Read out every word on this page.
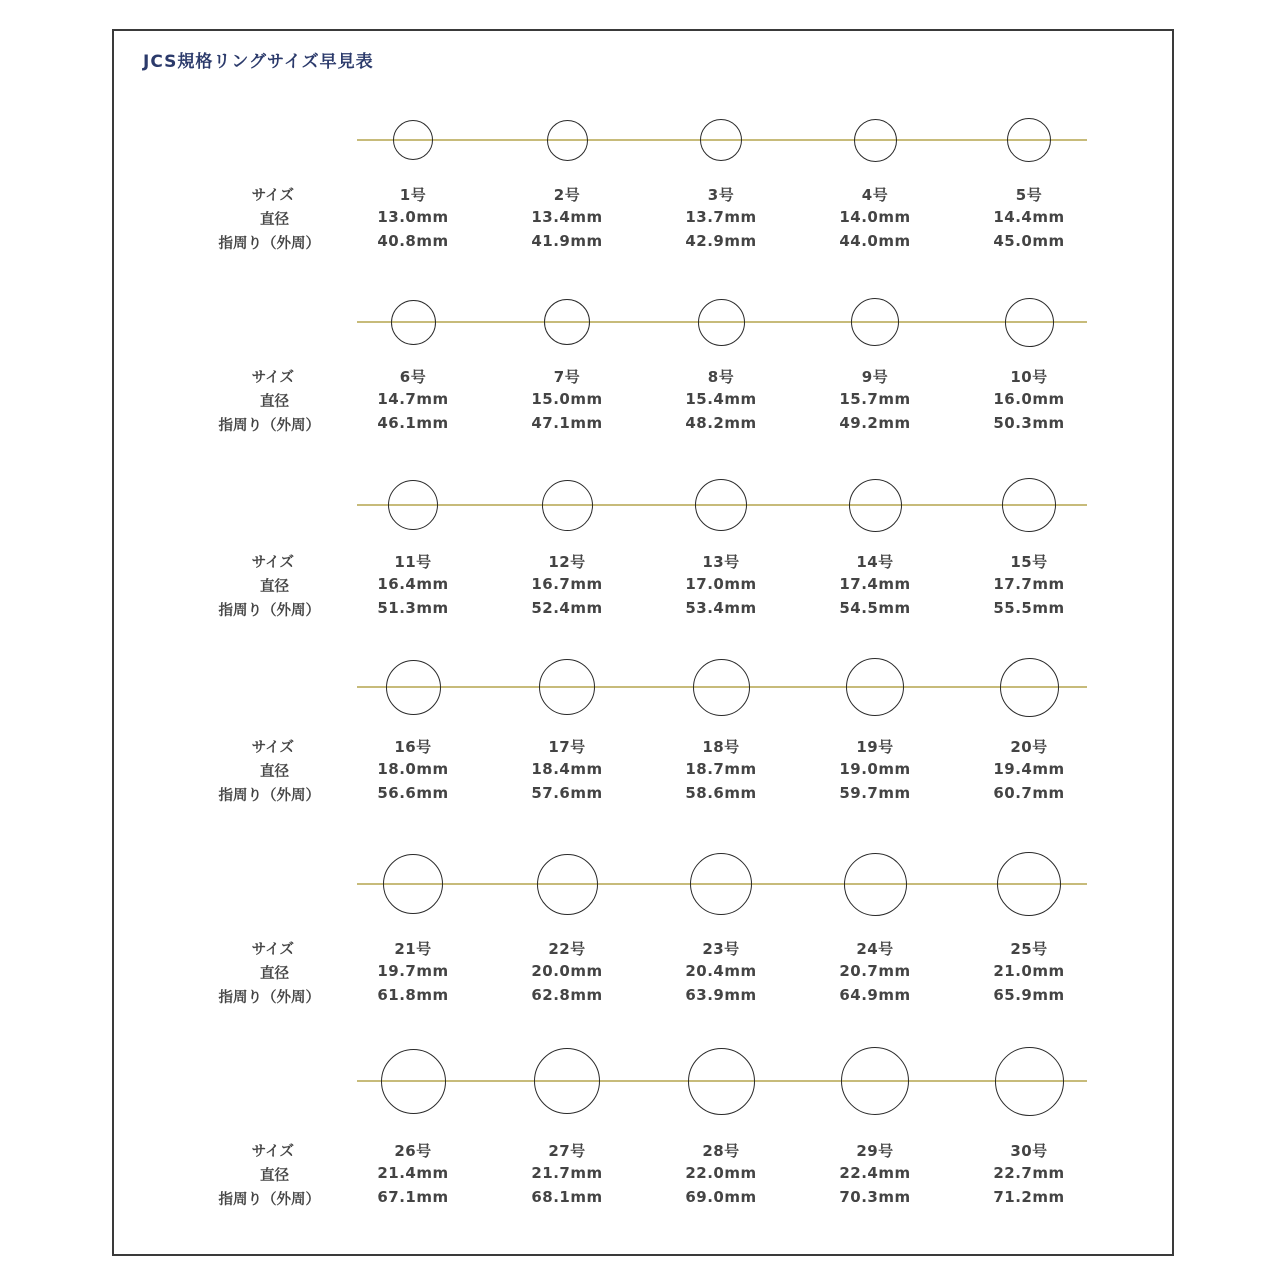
JCS規格リングサイズ早見表
サイズ
直径
指周り（外周）
1号
13.0mm
40.8mm
2号
13.4mm
41.9mm
3号
13.7mm
42.9mm
4号
14.0mm
44.0mm
5号
14.4mm
45.0mm
サイズ
直径
指周り（外周）
6号
14.7mm
46.1mm
7号
15.0mm
47.1mm
8号
15.4mm
48.2mm
9号
15.7mm
49.2mm
10号
16.0mm
50.3mm
サイズ
直径
指周り（外周）
11号
16.4mm
51.3mm
12号
16.7mm
52.4mm
13号
17.0mm
53.4mm
14号
17.4mm
54.5mm
15号
17.7mm
55.5mm
サイズ
直径
指周り（外周）
16号
18.0mm
56.6mm
17号
18.4mm
57.6mm
18号
18.7mm
58.6mm
19号
19.0mm
59.7mm
20号
19.4mm
60.7mm
サイズ
直径
指周り（外周）
21号
19.7mm
61.8mm
22号
20.0mm
62.8mm
23号
20.4mm
63.9mm
24号
20.7mm
64.9mm
25号
21.0mm
65.9mm
サイズ
直径
指周り（外周）
26号
21.4mm
67.1mm
27号
21.7mm
68.1mm
28号
22.0mm
69.0mm
29号
22.4mm
70.3mm
30号
22.7mm
71.2mm
